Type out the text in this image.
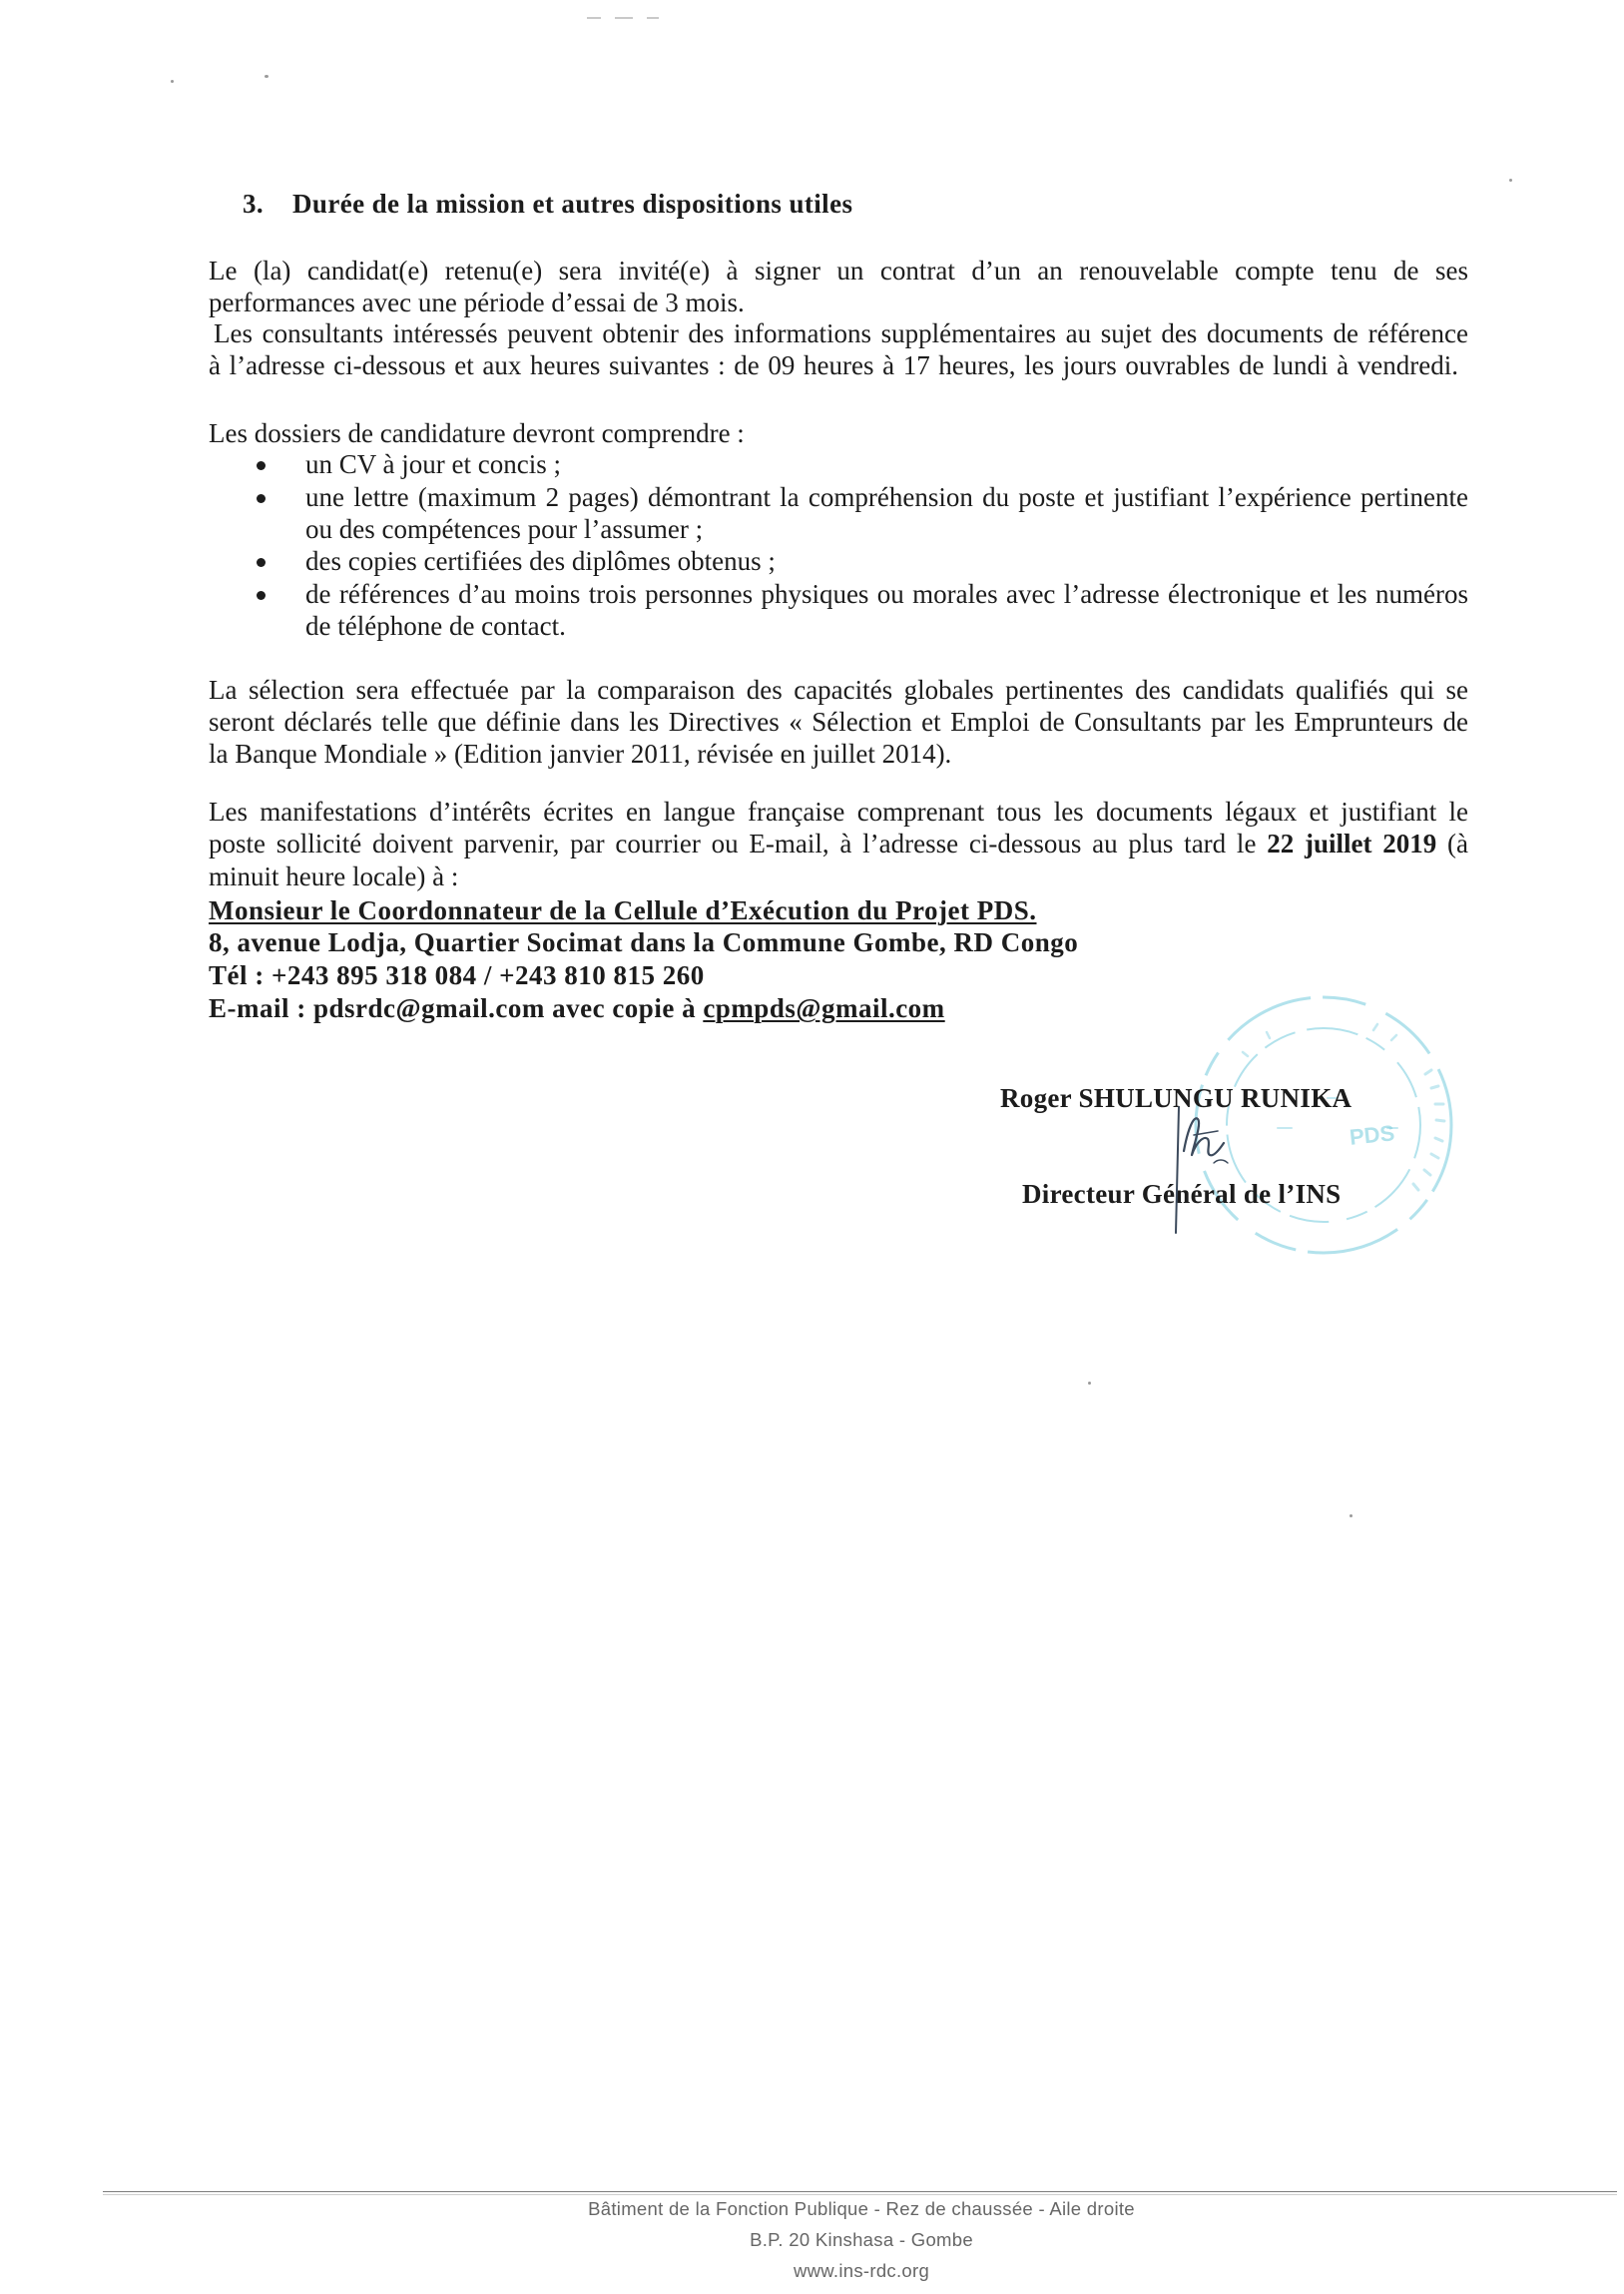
3. Durée de la mission et autres dispositions utiles
Le (la) candidat(e) retenu(e) sera invité(e) à signer un contrat d’un an renouvelable compte tenu de ses
performances avec une période d’essai de 3 mois.
Les consultants intéressés peuvent obtenir des informations supplémentaires au sujet des documents de référence
à l’adresse ci-dessous et aux heures suivantes : de 09 heures à 17 heures, les jours ouvrables de lundi à vendredi.
Les dossiers de candidature devront comprendre :
un CV à jour et concis ;
une lettre (maximum 2 pages) démontrant la compréhension du poste et justifiant l’expérience pertinente
ou des compétences pour l’assumer ;
des copies certifiées des diplômes obtenus ;
de références d’au moins trois personnes physiques ou morales avec l’adresse électronique et les numéros
de téléphone de contact.
La sélection sera effectuée par la comparaison des capacités globales pertinentes des candidats qualifiés qui se
seront déclarés telle que définie dans les Directives « Sélection et Emploi de Consultants par les Emprunteurs de
la Banque Mondiale » (Edition janvier 2011, révisée en juillet 2014).
Les manifestations d’intérêts écrites en langue française comprenant tous les documents légaux et justifiant le
poste sollicité doivent parvenir, par courrier ou E-mail, à l’adresse ci-dessous au plus tard le 22 juillet 2019 (à
minuit heure locale) à :
Monsieur le Coordonnateur de la Cellule d’Exécution du Projet PDS.
8, avenue Lodja, Quartier Socimat dans la Commune Gombe, RD Congo
Tél : +243 895 318 084 / +243 810 815 260
E-mail : pdsrdc@gmail.com avec copie à cpmpds@gmail.com
PDS
Roger SHULUNGU RUNIKA
Directeur Général de l’INS
Bâtiment de la Fonction Publique - Rez de chaussée - Aile droite
B.P. 20 Kinshasa - Gombe
www.ins-rdc.org
